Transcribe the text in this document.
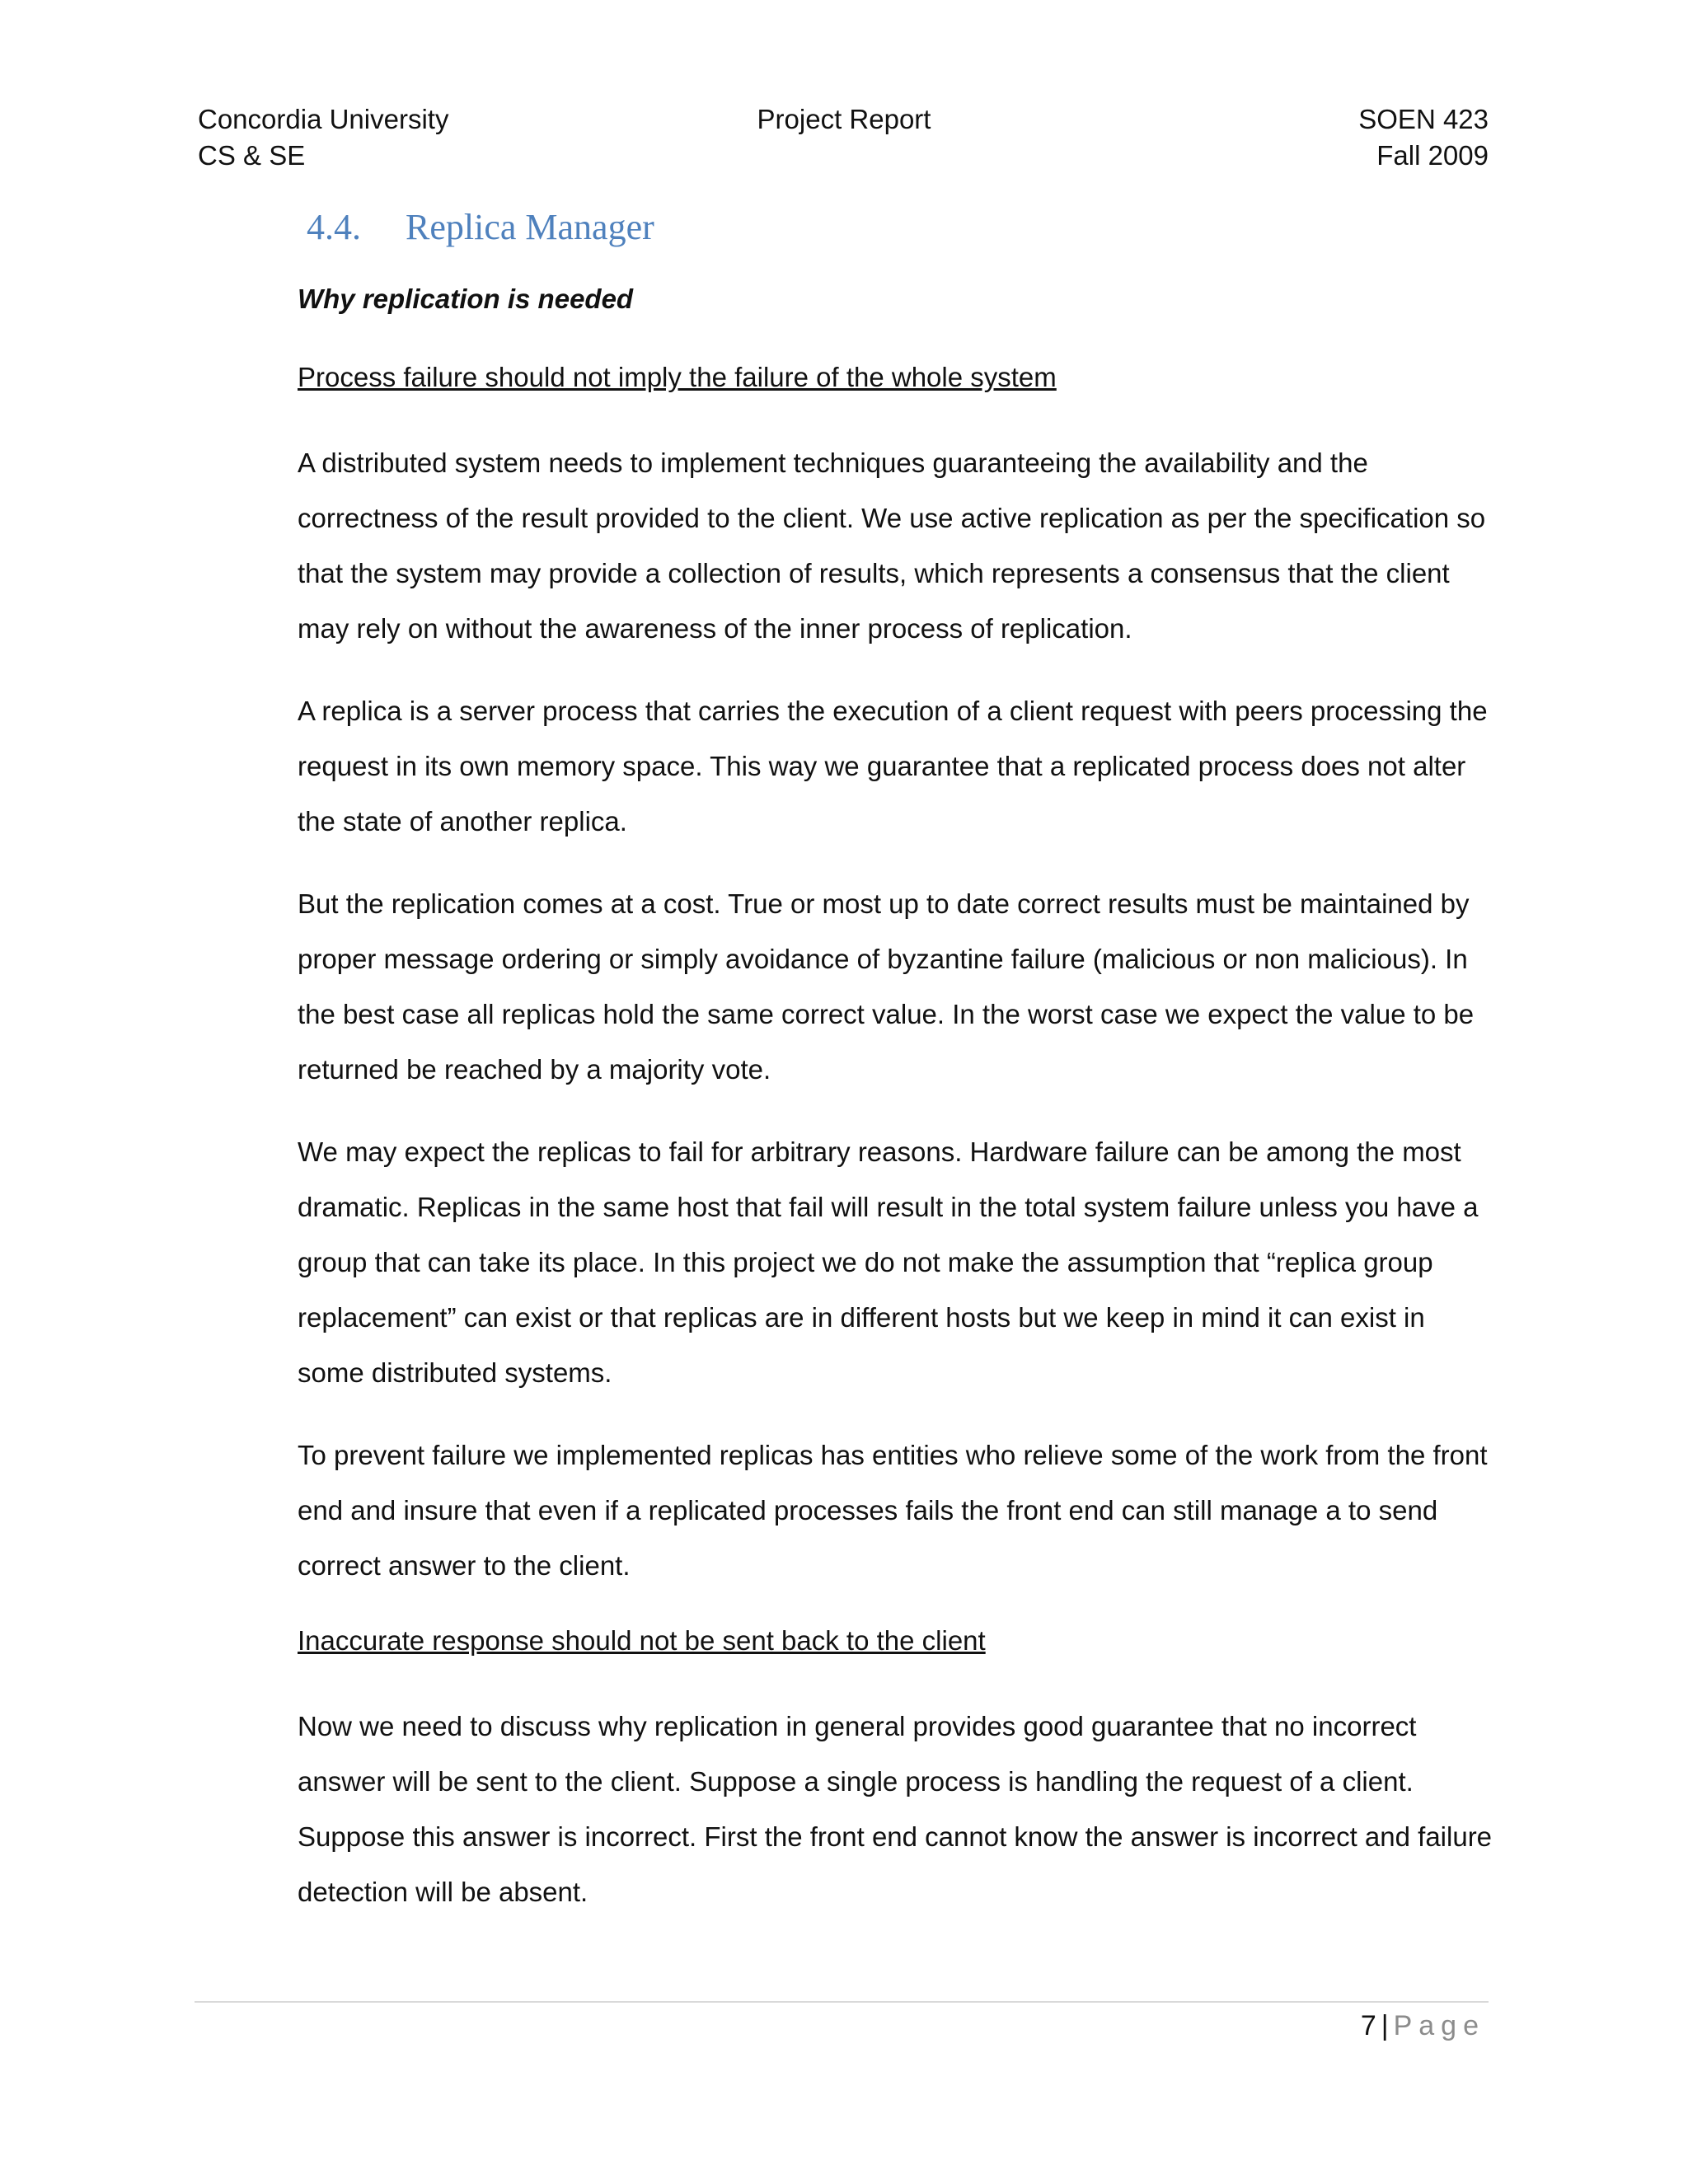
Concordia University
CS & SE
Project Report	SOEN 423
Fall 2009
4.4. Replica Manager
Why replication is needed
Process failure should not imply the failure of the whole system

A distributed system needs to implement techniques guaranteeing the availability and the correctness of the result provided to the client. We use active replication as per the specification so that the system may provide a collection of results, which represents a consensus that the client may rely on without the awareness of the inner process of replication.

A replica is a server process that carries the execution of a client request with peers processing the request in its own memory space. This way we guarantee that a replicated process does not alter the state of another replica.

But the replication comes at a cost. True or most up to date correct results must be maintained by proper message ordering or simply avoidance of byzantine failure (malicious or non malicious). In the best case all replicas hold the same correct value. In the worst case we expect the value to be returned be reached by a majority vote.

We may expect the replicas to fail for arbitrary reasons. Hardware failure can be among the most dramatic. Replicas in the same host that fail will result in the total system failure unless you have a group that can take its place. In this project we do not make the assumption that “replica group replacement” can exist or that replicas are in different hosts but we keep in mind it can exist in some distributed systems.

To prevent failure we implemented replicas has entities who relieve some of the work from the front end and insure that even if a replicated processes fails the front end can still manage a to send correct answer to the client.

Inaccurate response should not be sent back to the client

Now we need to discuss why replication in general provides good guarantee that no incorrect answer will be sent to the client. Suppose a single process is handling the request of a client. Suppose this answer is incorrect. First the front end cannot know the answer is incorrect and failure detection will be absent.

7 | Page
